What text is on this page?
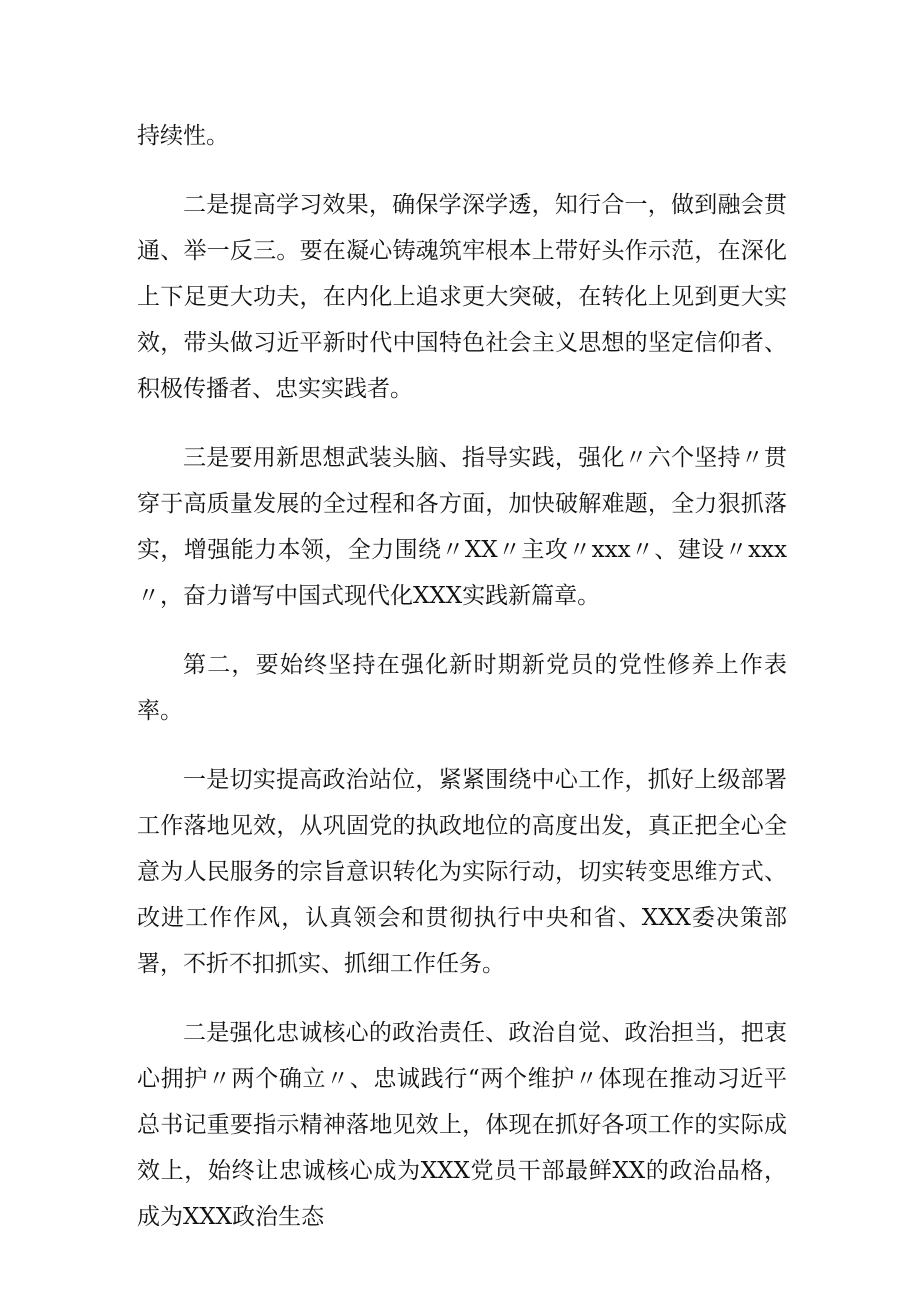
持续性。

二是提高学习效果，确保学深学透，知行合一，做到融会贯通、举一反三。要在凝心铸魂筑牢根本上带好头作示范，在深化上下足更大功夫，在内化上追求更大突破，在转化上见到更大实效，带头做习近平新时代中国特色社会主义思想的坚定信仰者、积极传播者、忠实实践者。

三是要用新思想武装头脑、指导实践，强化〃六个坚持〃贯穿于高质量发展的全过程和各方面，加快破解难题，全力狠抓落实，增强能力本领，全力围绕〃XX〃主攻〃xxx〃、建设〃xxx〃，奋力谱写中国式现代化XXX实践新篇章。

第二，要始终坚持在强化新时期新党员的党性修养上作表率。

一是切实提高政治站位，紧紧围绕中心工作，抓好上级部署工作落地见效，从巩固党的执政地位的高度出发，真正把全心全意为人民服务的宗旨意识转化为实际行动，切实转变思维方式、改进工作作风，认真领会和贯彻执行中央和省、XXX委决策部署，不折不扣抓实、抓细工作任务。

二是强化忠诚核心的政治责任、政治自觉、政治担当，把衷心拥护〃两个确立〃、忠诚践行“两个维护〃体现在推动习近平总书记重要指示精神落地见效上，体现在抓好各项工作的实际成效上，始终让忠诚核心成为XXX党员干部最鲜XX的政治品格，成为XXX政治生态
